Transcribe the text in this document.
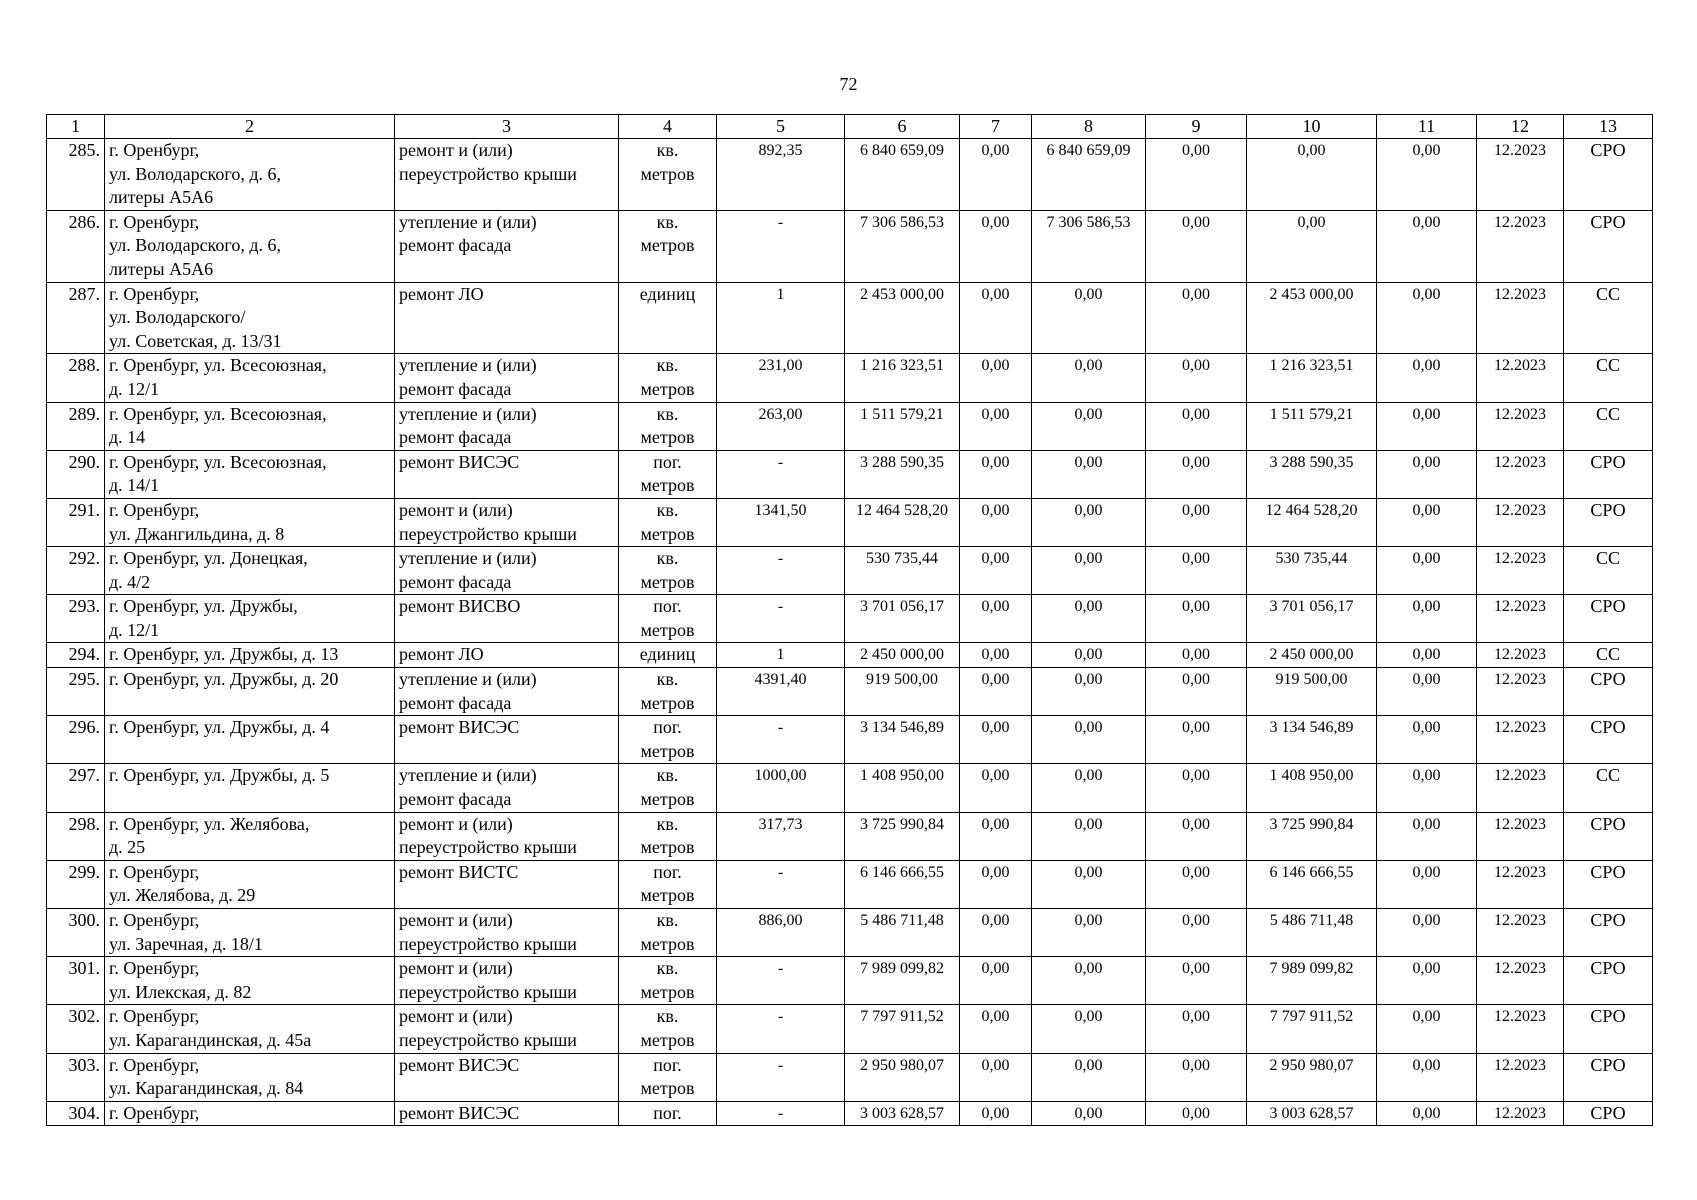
72
1	2	3	4	5	6	7	8	9	10	11	12	13
285.	г. Оренбург,
ул. Володарского, д. 6,
литеры А5А6	ремонт и (или)
переустройство крыши	кв.
метров	892,35	6 840 659,09	0,00	6 840 659,09	0,00	0,00	0,00	12.2023	СРО
286.	г. Оренбург,
ул. Володарского, д. 6,
литеры А5А6	утепление и (или)
ремонт фасада	кв.
метров	-	7 306 586,53	0,00	7 306 586,53	0,00	0,00	0,00	12.2023	СРО
287.	г. Оренбург,
ул. Володарского/
ул. Советская, д. 13/31	ремонт ЛО	единиц	1	2 453 000,00	0,00	0,00	0,00	2 453 000,00	0,00	12.2023	СС
288.	г. Оренбург, ул. Всесоюзная,
д. 12/1	утепление и (или)
ремонт фасада	кв.
метров	231,00	1 216 323,51	0,00	0,00	0,00	1 216 323,51	0,00	12.2023	СС
289.	г. Оренбург, ул. Всесоюзная,
д. 14	утепление и (или)
ремонт фасада	кв.
метров	263,00	1 511 579,21	0,00	0,00	0,00	1 511 579,21	0,00	12.2023	СС
290.	г. Оренбург, ул. Всесоюзная,
д. 14/1	ремонт ВИСЭС	пог.
метров	-	3 288 590,35	0,00	0,00	0,00	3 288 590,35	0,00	12.2023	СРО
291.	г. Оренбург,
ул. Джангильдина, д. 8	ремонт и (или)
переустройство крыши	кв.
метров	1341,50	12 464 528,20	0,00	0,00	0,00	12 464 528,20	0,00	12.2023	СРО
292.	г. Оренбург, ул. Донецкая,
д. 4/2	утепление и (или)
ремонт фасада	кв.
метров	-	530 735,44	0,00	0,00	0,00	530 735,44	0,00	12.2023	СС
293.	г. Оренбург, ул. Дружбы,
д. 12/1	ремонт ВИСВО	пог.
метров	-	3 701 056,17	0,00	0,00	0,00	3 701 056,17	0,00	12.2023	СРО
294.	г. Оренбург, ул. Дружбы, д. 13	ремонт ЛО	единиц	1	2 450 000,00	0,00	0,00	0,00	2 450 000,00	0,00	12.2023	СС
295.	г. Оренбург, ул. Дружбы, д. 20	утепление и (или)
ремонт фасада	кв.
метров	4391,40	919 500,00	0,00	0,00	0,00	919 500,00	0,00	12.2023	СРО
296.	г. Оренбург, ул. Дружбы, д. 4	ремонт ВИСЭС	пог.
метров	-	3 134 546,89	0,00	0,00	0,00	3 134 546,89	0,00	12.2023	СРО
297.	г. Оренбург, ул. Дружбы, д. 5	утепление и (или)
ремонт фасада	кв.
метров	1000,00	1 408 950,00	0,00	0,00	0,00	1 408 950,00	0,00	12.2023	СС
298.	г. Оренбург, ул. Желябова,
д. 25	ремонт и (или)
переустройство крыши	кв.
метров	317,73	3 725 990,84	0,00	0,00	0,00	3 725 990,84	0,00	12.2023	СРО
299.	г. Оренбург,
ул. Желябова, д. 29	ремонт ВИСТС	пог.
метров	-	6 146 666,55	0,00	0,00	0,00	6 146 666,55	0,00	12.2023	СРО
300.	г. Оренбург,
ул. Заречная, д. 18/1	ремонт и (или)
переустройство крыши	кв.
метров	886,00	5 486 711,48	0,00	0,00	0,00	5 486 711,48	0,00	12.2023	СРО
301.	г. Оренбург,
ул. Илекская, д. 82	ремонт и (или)
переустройство крыши	кв.
метров	-	7 989 099,82	0,00	0,00	0,00	7 989 099,82	0,00	12.2023	СРО
302.	г. Оренбург,
ул. Карагандинская, д. 45а	ремонт и (или)
переустройство крыши	кв.
метров	-	7 797 911,52	0,00	0,00	0,00	7 797 911,52	0,00	12.2023	СРО
303.	г. Оренбург,
ул. Карагандинская, д. 84	ремонт ВИСЭС	пог.
метров	-	2 950 980,07	0,00	0,00	0,00	2 950 980,07	0,00	12.2023	СРО
304.	г. Оренбург,	ремонт ВИСЭС	пог.	-	3 003 628,57	0,00	0,00	0,00	3 003 628,57	0,00	12.2023	СРО
